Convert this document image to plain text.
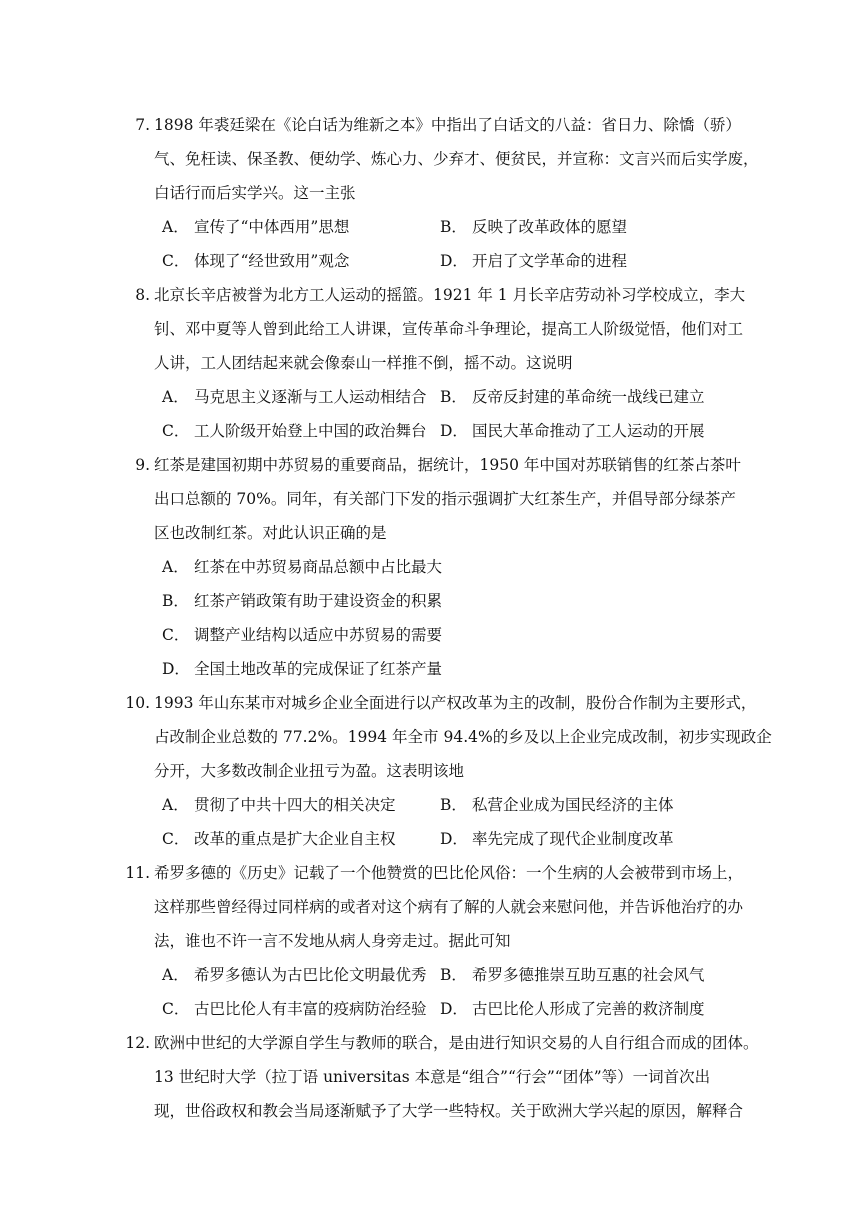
7. 1898 年裘廷梁在《论白话为维新之本》中指出了白话文的八益：省日力、除憍（骄）
气、免枉读、保圣教、便幼学、炼心力、少弃才、便贫民，并宣称：文言兴而后实学废，
白话行而后实学兴。这一主张
A． 宣传了“中体西用”思想	B． 反映了改革政体的愿望
C． 体现了“经世致用”观念	D． 开启了文学革命的进程
8. 北京长辛店被誉为北方工人运动的摇篮。1921 年 1 月长辛店劳动补习学校成立，李大
钊、邓中夏等人曾到此给工人讲课，宣传革命斗争理论，提高工人阶级觉悟，他们对工
人讲，工人团结起来就会像泰山一样推不倒，摇不动。这说明
A． 马克思主义逐渐与工人运动相结合 B． 反帝反封建的革命统一战线已建立
C． 工人阶级开始登上中国的政治舞台 D． 国民大革命推动了工人运动的开展
9. 红茶是建国初期中苏贸易的重要商品，据统计，1950 年中国对苏联销售的红茶占茶叶
出口总额的 70%。同年，有关部门下发的指示强调扩大红茶生产，并倡导部分绿茶产
区也改制红茶。对此认识正确的是
A． 红茶在中苏贸易商品总额中占比最大
B． 红茶产销政策有助于建设资金的积累
C． 调整产业结构以适应中苏贸易的需要
D． 全国土地改革的完成保证了红茶产量
10. 1993 年山东某市对城乡企业全面进行以产权改革为主的改制，股份合作制为主要形式，
占改制企业总数的 77.2%。1994 年全市 94.4%的乡及以上企业完成改制，初步实现政企
分开，大多数改制企业扭亏为盈。这表明该地
A． 贯彻了中共十四大的相关决定	B． 私营企业成为国民经济的主体
C． 改革的重点是扩大企业自主权	D． 率先完成了现代企业制度改革
11. 希罗多德的《历史》记载了一个他赞赏的巴比伦风俗：一个生病的人会被带到市场上，
这样那些曾经得过同样病的或者对这个病有了解的人就会来慰问他，并告诉他治疗的办
法，谁也不许一言不发地从病人身旁走过。据此可知
A． 希罗多德认为古巴比伦文明最优秀 B． 希罗多德推崇互助互惠的社会风气
C． 古巴比伦人有丰富的疫病防治经验 D． 古巴比伦人形成了完善的救济制度
12. 欧洲中世纪的大学源自学生与教师的联合，是由进行知识交易的人自行组合而成的团体。
13 世纪时大学（拉丁语 universitas 本意是“组合”“行会”“团体”等）一词首次出
现，世俗政权和教会当局逐渐赋予了大学一些特权。关于欧洲大学兴起的原因，解释合
